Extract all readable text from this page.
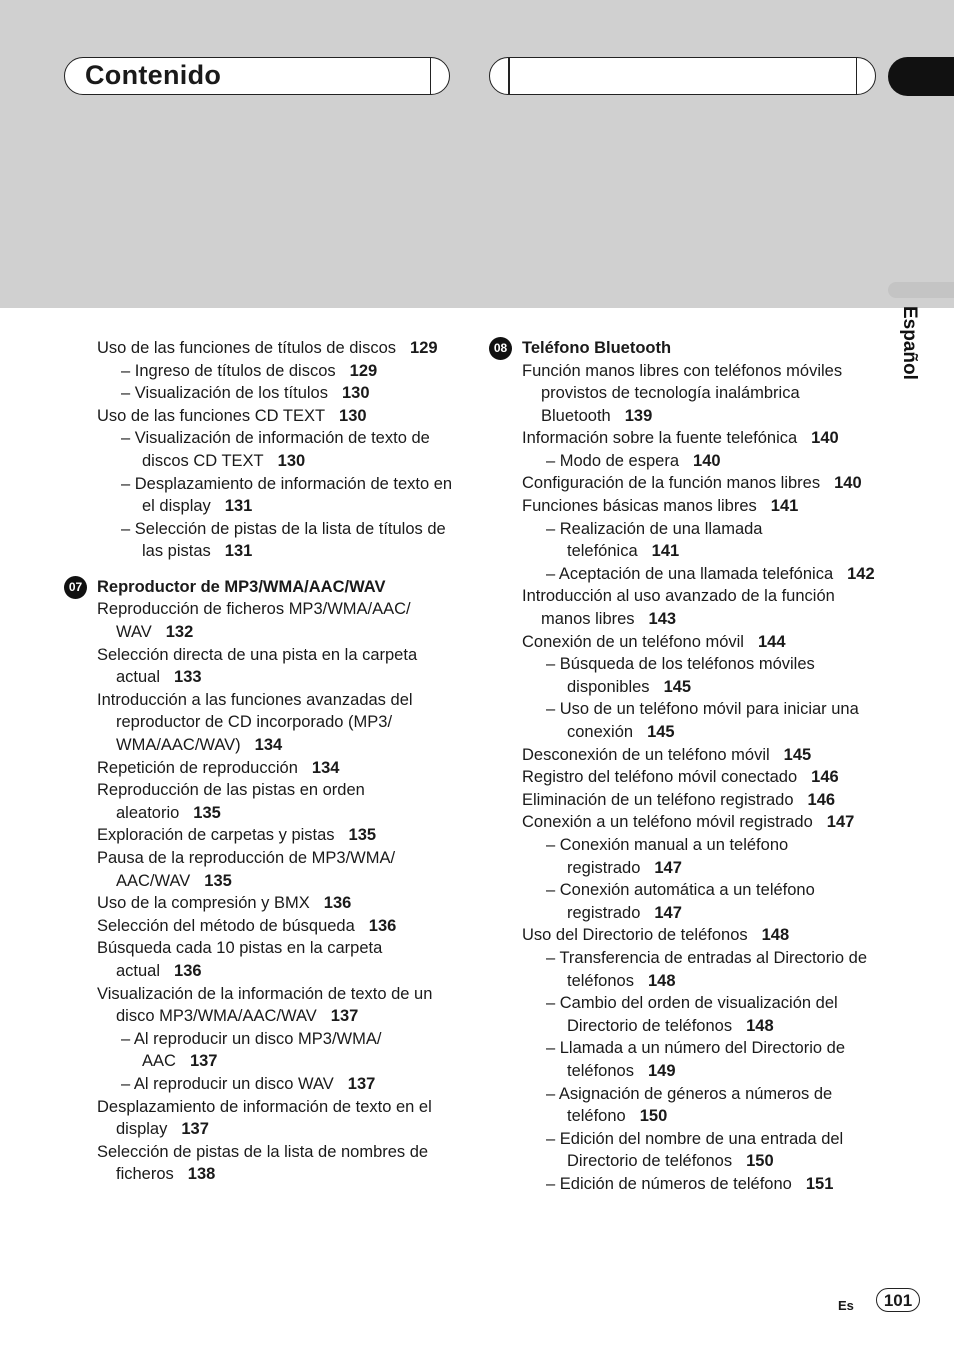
Contenido
Español
Uso de las funciones de títulos de discos 129
– Ingreso de títulos de discos 129
– Visualización de los títulos 130
Uso de las funciones CD TEXT 130
– Visualización de información de texto de discos CD TEXT 130
– Desplazamiento de información de texto en el display 131
– Selección de pistas de la lista de títulos de las pistas 131
07 Reproductor de MP3/WMA/AAC/WAV
Reproducción de ficheros MP3/WMA/AAC/ WAV 132
Selección directa de una pista en la carpeta actual 133
Introducción a las funciones avanzadas del reproductor de CD incorporado (MP3/ WMA/AAC/WAV) 134
Repetición de reproducción 134
Reproducción de las pistas en orden aleatorio 135
Exploración de carpetas y pistas 135
Pausa de la reproducción de MP3/WMA/ AAC/WAV 135
Uso de la compresión y BMX 136
Selección del método de búsqueda 136
Búsqueda cada 10 pistas en la carpeta actual 136
Visualización de la información de texto de un disco MP3/WMA/AAC/WAV 137
– Al reproducir un disco MP3/WMA/ AAC 137
– Al reproducir un disco WAV 137
Desplazamiento de información de texto en el display 137
Selección de pistas de la lista de nombres de ficheros 138
08 Teléfono Bluetooth
Función manos libres con teléfonos móviles provistos de tecnología inalámbrica Bluetooth 139
Información sobre la fuente telefónica 140
– Modo de espera 140
Configuración de la función manos libres 140
Funciones básicas manos libres 141
– Realización de una llamada telefónica 141
– Aceptación de una llamada telefónica 142
Introducción al uso avanzado de la función manos libres 143
Conexión de un teléfono móvil 144
– Búsqueda de los teléfonos móviles disponibles 145
– Uso de un teléfono móvil para iniciar una conexión 145
Desconexión de un teléfono móvil 145
Registro del teléfono móvil conectado 146
Eliminación de un teléfono registrado 146
Conexión a un teléfono móvil registrado 147
– Conexión manual a un teléfono registrado 147
– Conexión automática a un teléfono registrado 147
Uso del Directorio de teléfonos 148
– Transferencia de entradas al Directorio de teléfonos 148
– Cambio del orden de visualización del Directorio de teléfonos 148
– Llamada a un número del Directorio de teléfonos 149
– Asignación de géneros a números de teléfono 150
– Edición del nombre de una entrada del Directorio de teléfonos 150
– Edición de números de teléfono 151
Es	101
